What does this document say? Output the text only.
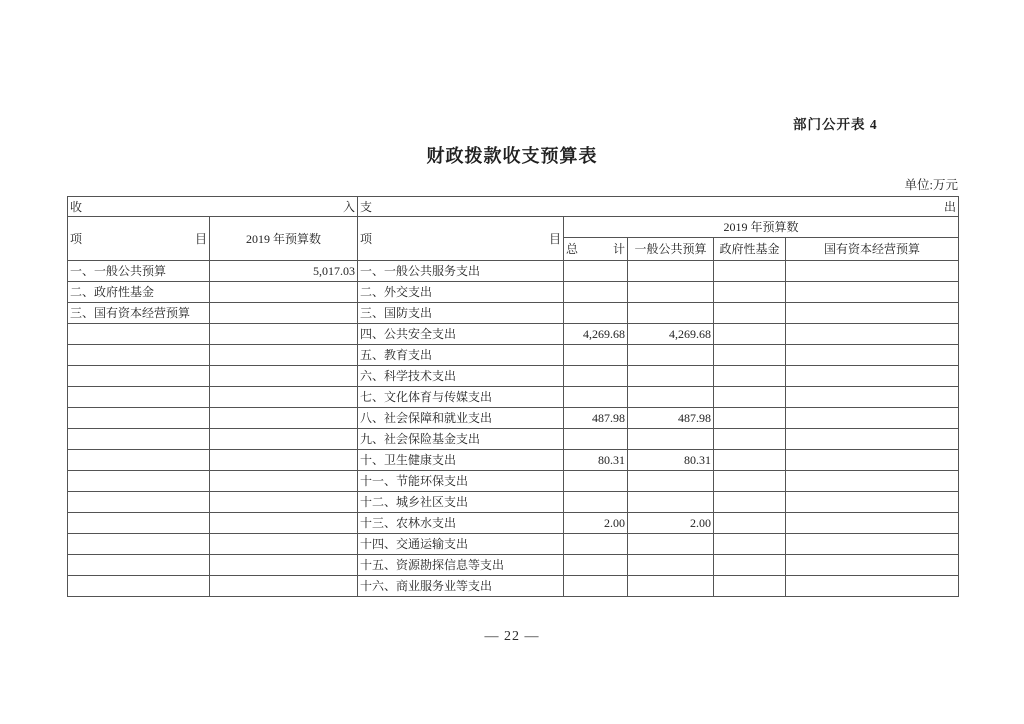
部门公开表 4
财政拨款收支预算表
单位:万元
收入		支出				
项目	2019 年预算数	项目	2019 年预算数			
			总计	一般公共预算	政府性基金	国有资本经营预算
一、一般公共预算	5,017.03	一、一般公共服务支出				
二、政府性基金		二、外交支出				
三、国有资本经营预算		三、国防支出				
		四、公共安全支出	4,269.68	4,269.68		
		五、教育支出				
		六、科学技术支出				
		七、文化体育与传媒支出				
		八、社会保障和就业支出	487.98	487.98		
		九、社会保险基金支出				
		十、卫生健康支出	80.31	80.31		
		十一、节能环保支出				
		十二、城乡社区支出				
		十三、农林水支出	2.00	2.00		
		十四、交通运输支出				
		十五、资源勘探信息等支出				
		十六、商业服务业等支出				
— 22 —
